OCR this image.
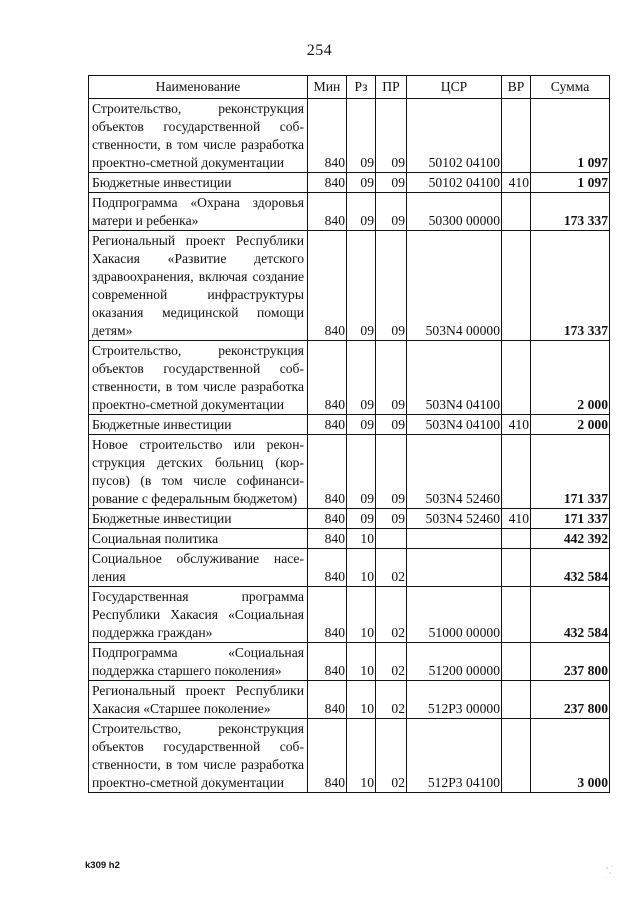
254
Наименование	Мин	Рз	ПР	ЦСР	ВР	Сумма
Строительство, реконструкция объектов государственной собственности, в том числе разработка проектно-сметной документации	840	09	09	50102 04100		1 097
Бюджетные инвестиции	840	09	09	50102 04100	410	1 097
Подпрограмма «Охрана здоровья матери и ребенка»	840	09	09	50300 00000		173 337
Региональный проект Республики Хакасия «Развитие детского здравоохранения, включая создание современной инфраструктуры оказания медицинской помощи детям»	840	09	09	503N4 00000		173 337
Строительство, реконструкция объектов государственной собственности, в том числе разработка проектно-сметной документации	840	09	09	503N4 04100		2 000
Бюджетные инвестиции	840	09	09	503N4 04100	410	2 000
Новое строительство или реконструкция детских больниц (корпусов) (в том числе софинансирование с федеральным бюджетом)	840	09	09	503N4 52460		171 337
Бюджетные инвестиции	840	09	09	503N4 52460	410	171 337
Социальная политика	840	10				442 392
Социальное обслуживание населения	840	10	02			432 584
Государственная программа Республики Хакасия «Социальная поддержка граждан»	840	10	02	51000 00000		432 584
Подпрограмма «Социальная поддержка старшего поколения»	840	10	02	51200 00000		237 800
Региональный проект Республики Хакасия «Старшее поколение»	840	10	02	512P3 00000		237 800
Строительство, реконструкция объектов государственной собственности, в том числе разработка проектно-сметной документации	840	10	02	512P3 04100		3 000
k309 h2
